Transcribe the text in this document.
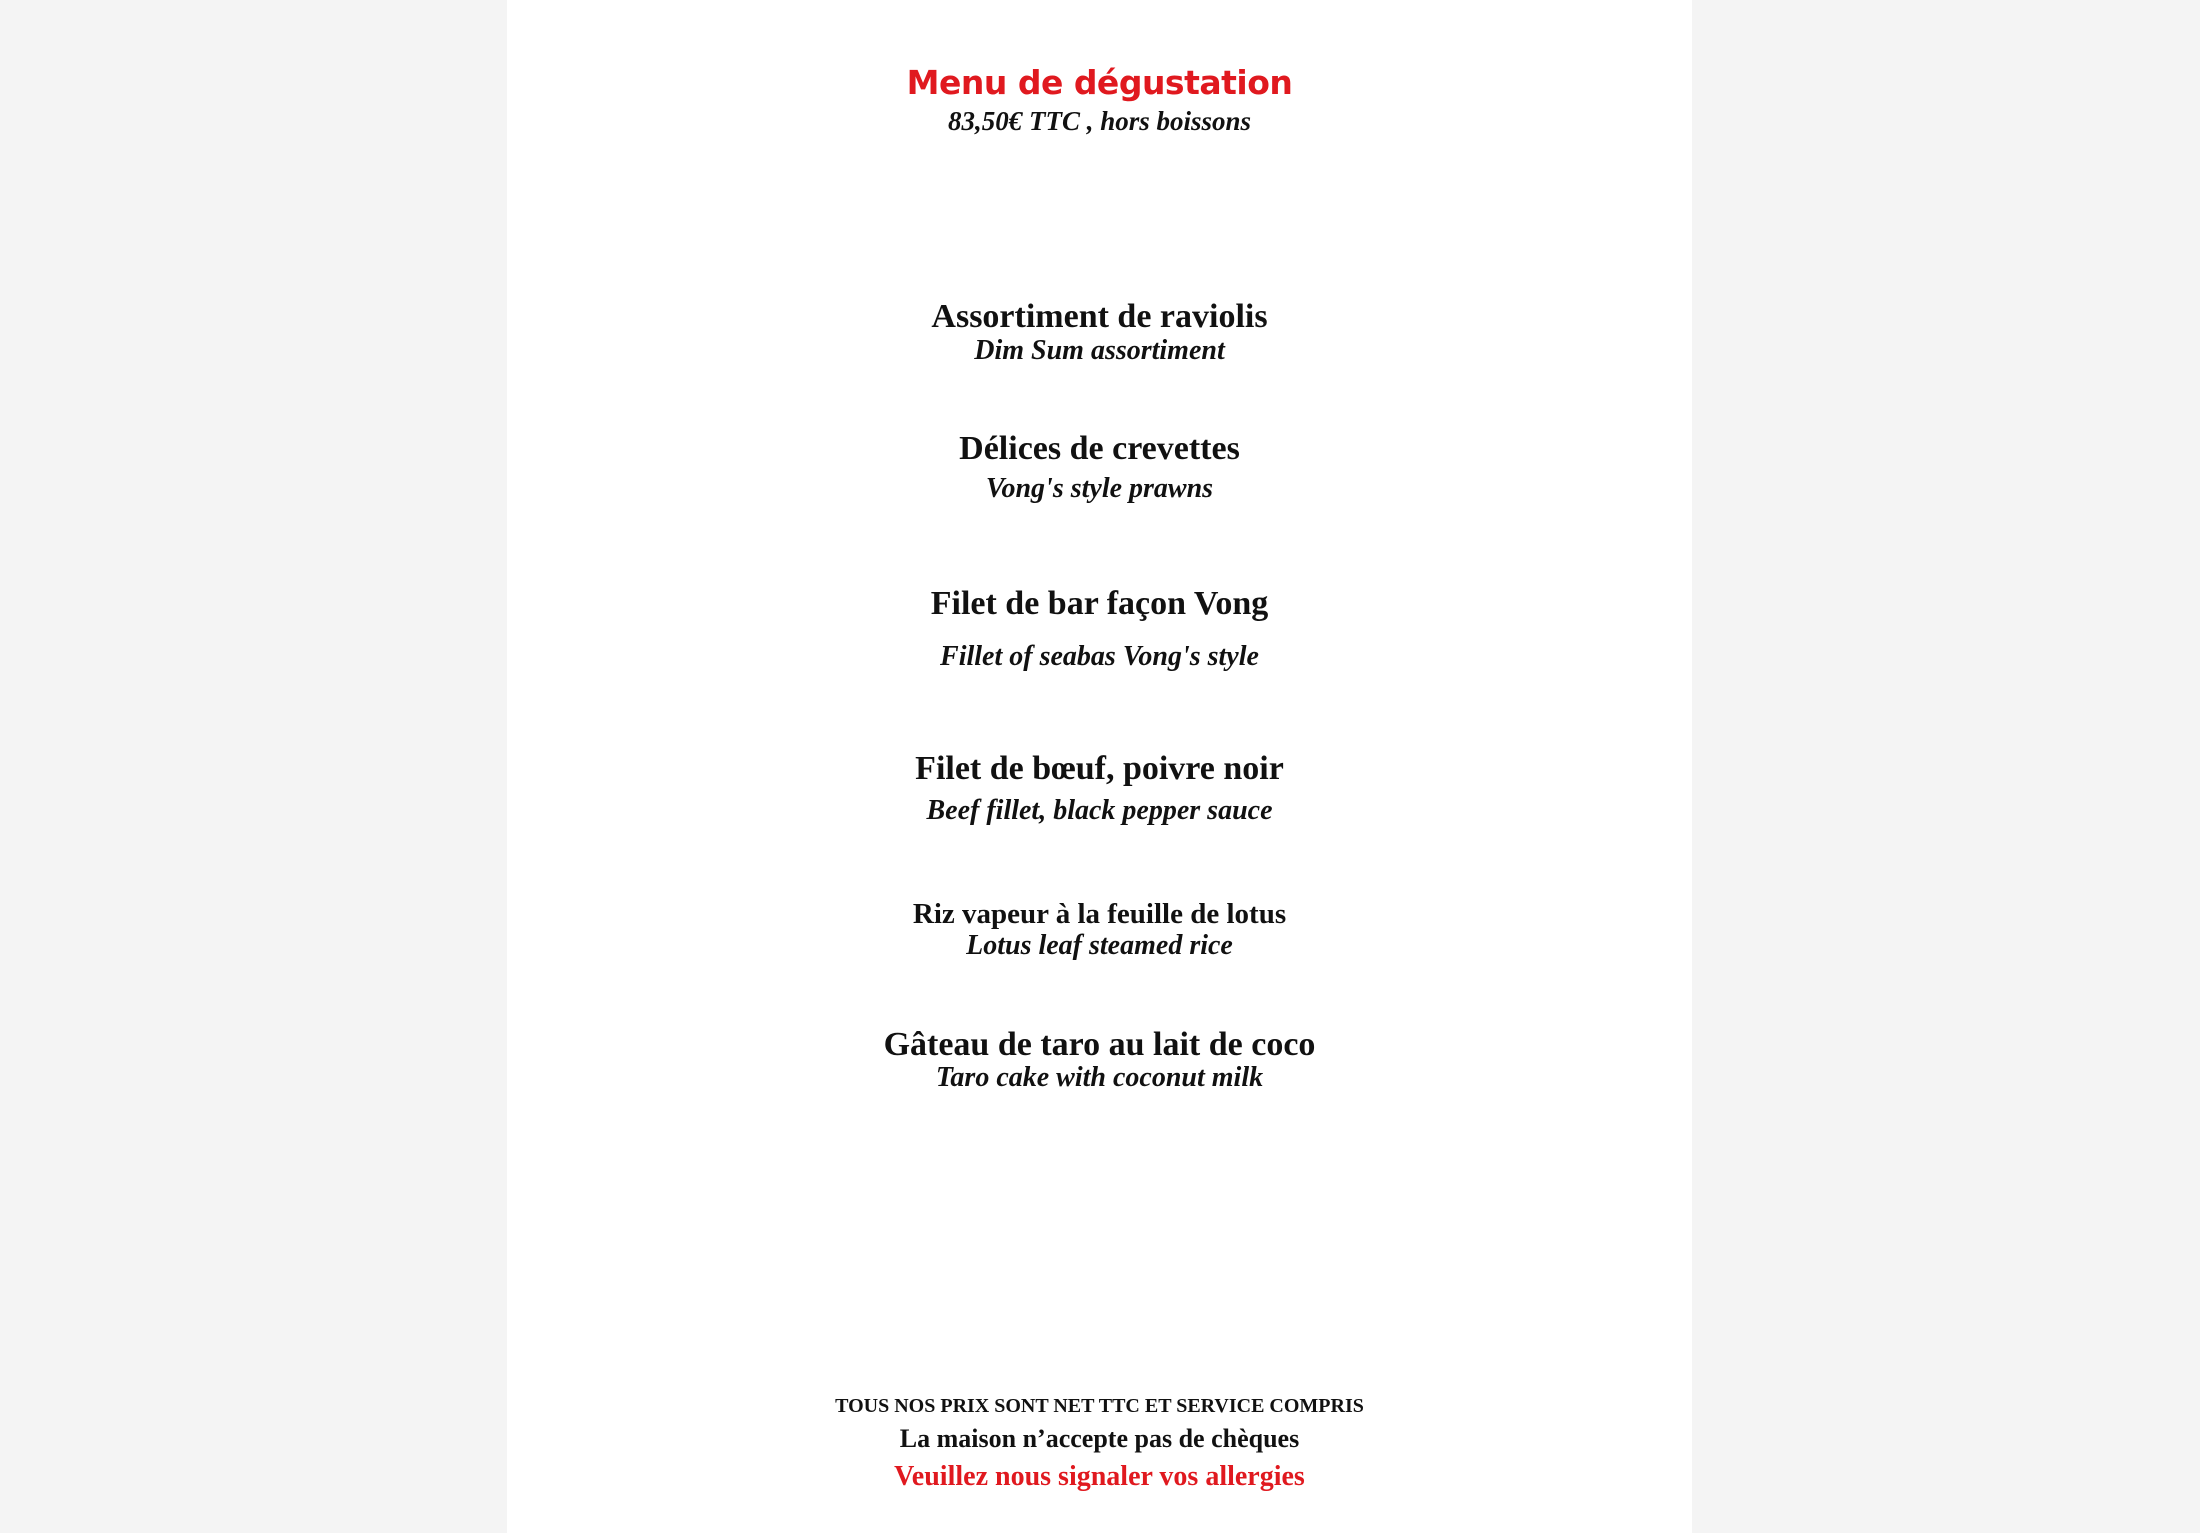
Menu de dégustation
83,50€ TTC , hors boissons
Assortiment de raviolis
Dim Sum assortiment
Délices de crevettes
Vong's style prawns
Filet de bar façon Vong
Fillet of seabas Vong's style
Filet de bœuf, poivre noir
Beef fillet, black pepper sauce
Riz vapeur à la feuille de lotus
Lotus leaf steamed rice
Gâteau de taro au lait de coco
Taro cake with coconut milk
TOUS NOS PRIX SONT NET TTC ET SERVICE COMPRIS
La maison n’accepte pas de chèques
Veuillez nous signaler vos allergies
